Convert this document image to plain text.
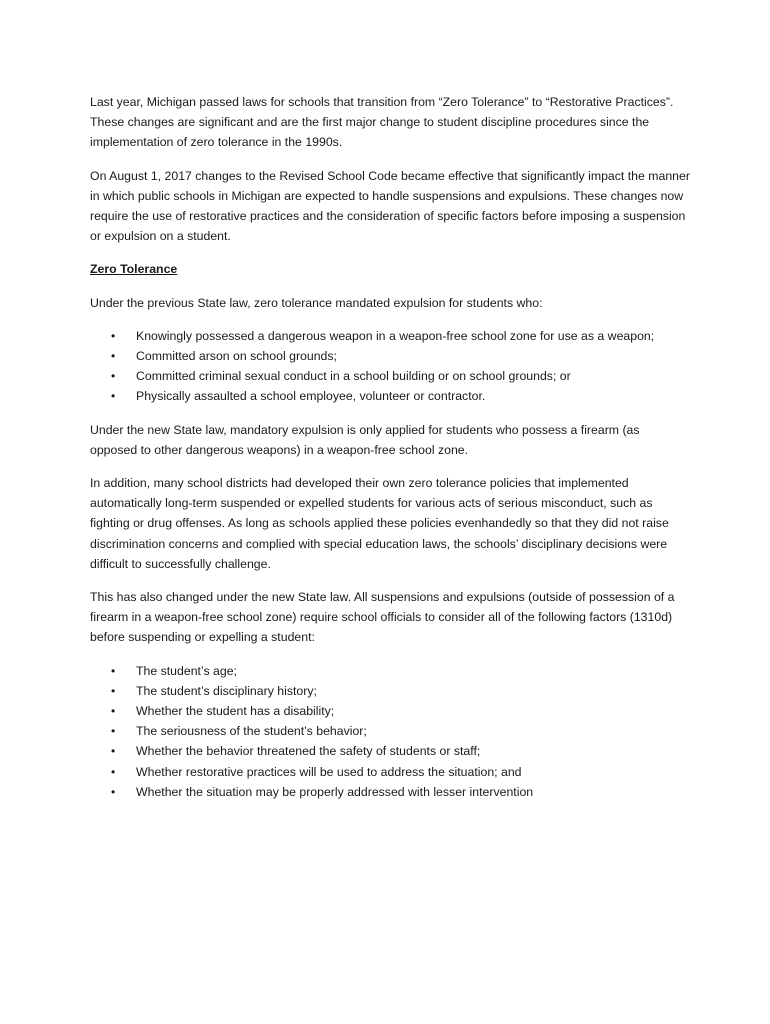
Last year, Michigan passed laws for schools that transition from “Zero Tolerance” to “Restorative Practices”. These changes are significant and are the first major change to student discipline procedures since the implementation of zero tolerance in the 1990s.

On August 1, 2017 changes to the Revised School Code became effective that significantly impact the manner in which public schools in Michigan are expected to handle suspensions and expulsions. These changes now require the use of restorative practices and the consideration of specific factors before imposing a suspension or expulsion on a student.

Zero Tolerance

Under the previous State law, zero tolerance mandated expulsion for students who:

• Knowingly possessed a dangerous weapon in a weapon-free school zone for use as a weapon;
• Committed arson on school grounds;
• Committed criminal sexual conduct in a school building or on school grounds; or
• Physically assaulted a school employee, volunteer or contractor.

Under the new State law, mandatory expulsion is only applied for students who possess a firearm (as opposed to other dangerous weapons) in a weapon-free school zone.

In addition, many school districts had developed their own zero tolerance policies that implemented automatically long-term suspended or expelled students for various acts of serious misconduct, such as fighting or drug offenses. As long as schools applied these policies evenhandedly so that they did not raise discrimination concerns and complied with special education laws, the schools’ disciplinary decisions were difficult to successfully challenge.

This has also changed under the new State law. All suspensions and expulsions (outside of possession of a firearm in a weapon-free school zone) require school officials to consider all of the following factors (1310d) before suspending or expelling a student:

• The student’s age;
• The student’s disciplinary history;
• Whether the student has a disability;
• The seriousness of the student’s behavior;
• Whether the behavior threatened the safety of students or staff;
• Whether restorative practices will be used to address the situation; and
• Whether the situation may be properly addressed with lesser intervention
